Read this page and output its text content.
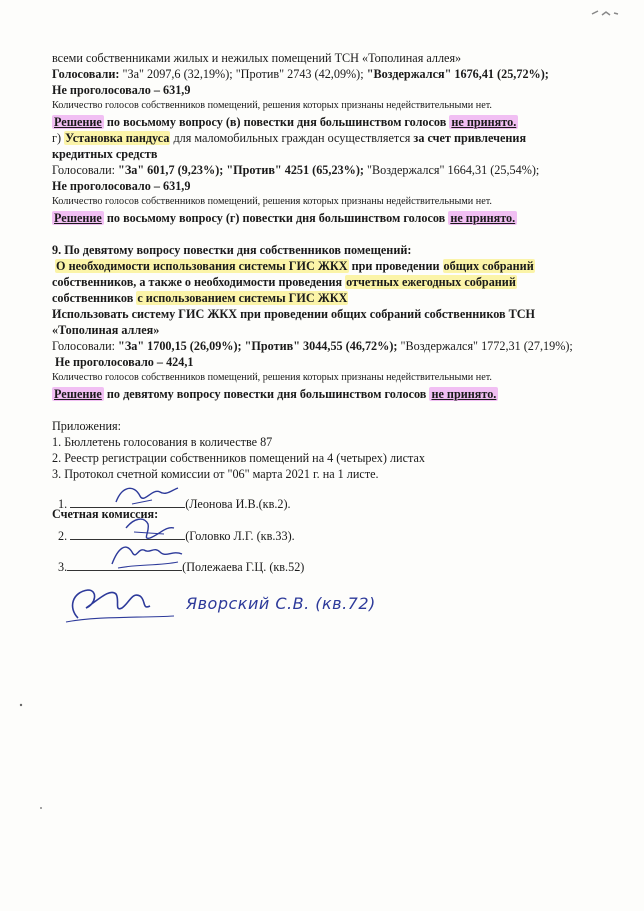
всеми собственниками жилых и нежилых помещений ТСН «Тополиная аллея»
Голосовали: "За" 2097,6 (32,19%); "Против" 2743 (42,09%); "Воздержался" 1676,41 (25,72%);
Не проголосовало – 631,9
Количество голосов собственников помещений, решения которых признаны недействительными нет.
Решение по восьмому вопросу (в) повестки дня большинством голосов не принято.
г) Установка пандуса для маломобильных граждан осуществляется за счет привлечения
кредитных средств
Голосовали: "За" 601,7 (9,23%); "Против" 4251 (65,23%); "Воздержался" 1664,31 (25,54%);
Не проголосовало – 631,9
Количество голосов собственников помещений, решения которых признаны недействительными нет.
Решение по восьмому вопросу (г) повестки дня большинством голосов не принято.
9. По девятому вопросу повестки дня собственников помещений:
О необходимости использования системы ГИС ЖКХ при проведении общих собраний
собственников, а также о необходимости проведения отчетных ежегодных собраний
собственников с использованием системы ГИС ЖКХ
Использовать систему ГИС ЖКХ при проведении общих собраний собственников ТСН
«Тополиная аллея»
Голосовали: "За" 1700,15 (26,09%); "Против" 3044,55 (46,72%); "Воздержался" 1772,31 (27,19%);
Не проголосовало – 424,1
Количество голосов собственников помещений, решения которых признаны недействительными нет.
Решение по девятому вопросу повестки дня большинством голосов не принято.
Приложения:
1. Бюллетень голосования в количестве 87
2. Реестр регистрации собственников помещений на 4 (четырех) листах
3. Протокол счетной комиссии от "06" марта 2021 г. на 1 листе.
Счетная комиссия:
1.	(Леонова И.В.(кв.2).
2.	(Головко Л.Г. (кв.33).
3.	(Полежаева Г.Ц. (кв.52)
Яворский С.В. (кв.72)
